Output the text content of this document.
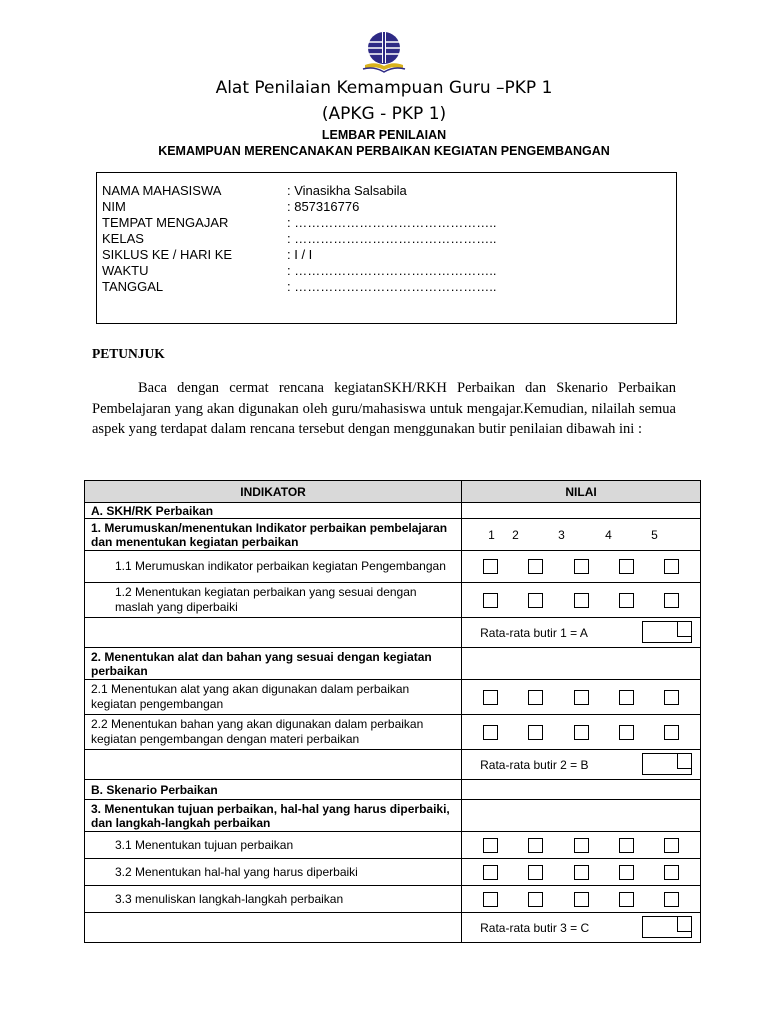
Alat Penilaian Kemampuan Guru –PKP 1
(APKG - PKP 1)
LEMBAR PENILAIAN
KEMAMPUAN MERENCANAKAN PERBAIKAN KEGIATAN PENGEMBANGAN
NAMA MAHASISWA	: Vinasikha Salsabila
NIM	: 857316776
TEMPAT MENGAJAR	: ………………………………………..
KELAS	: ………………………………………..
SIKLUS KE / HARI KE	: I / I
WAKTU	: ………………………………………..
TANGGAL	: ………………………………………..
PETUNJUK
Baca dengan cermat rencana kegiatanSKH/RKH Perbaikan dan Skenario Perbaikan Pembelajaran yang akan digunakan oleh guru/mahasiswa untuk mengajar.Kemudian, nilailah semua aspek yang terdapat dalam rencana tersebut dengan menggunakan butir penilaian dibawah ini :
INDIKATOR	NILAI
A. SKH/RK Perbaikan	
1. Merumuskan/menentukan Indikator perbaikan pembelajaran dan menentukan kegiatan perbaikan	1 2 3 4 5

1.1 Merumuskan indikator perbaikan kegiatan Pengembangan	

1.2 Menentukan kegiatan perbaikan yang sesuai dengan maslah yang diperbaiki	

	Rata-rata butir 1 = A

2. Menentukan alat dan bahan yang sesuai dengan kegiatan perbaikan	
2.1 Menentukan alat yang akan digunakan dalam perbaikan kegiatan pengembangan	

2.2 Menentukan bahan yang akan digunakan dalam perbaikan kegiatan pengembangan dengan materi perbaikan	

	Rata-rata butir 2 = B

B. Skenario Perbaikan	
3. Menentukan tujuan perbaikan, hal-hal yang harus diperbaiki, dan langkah-langkah perbaikan	
3.1 Menentukan tujuan perbaikan	

3.2 Menentukan hal-hal yang harus diperbaiki	

3.3 menuliskan langkah-langkah perbaikan	

	Rata-rata butir 3 = C
